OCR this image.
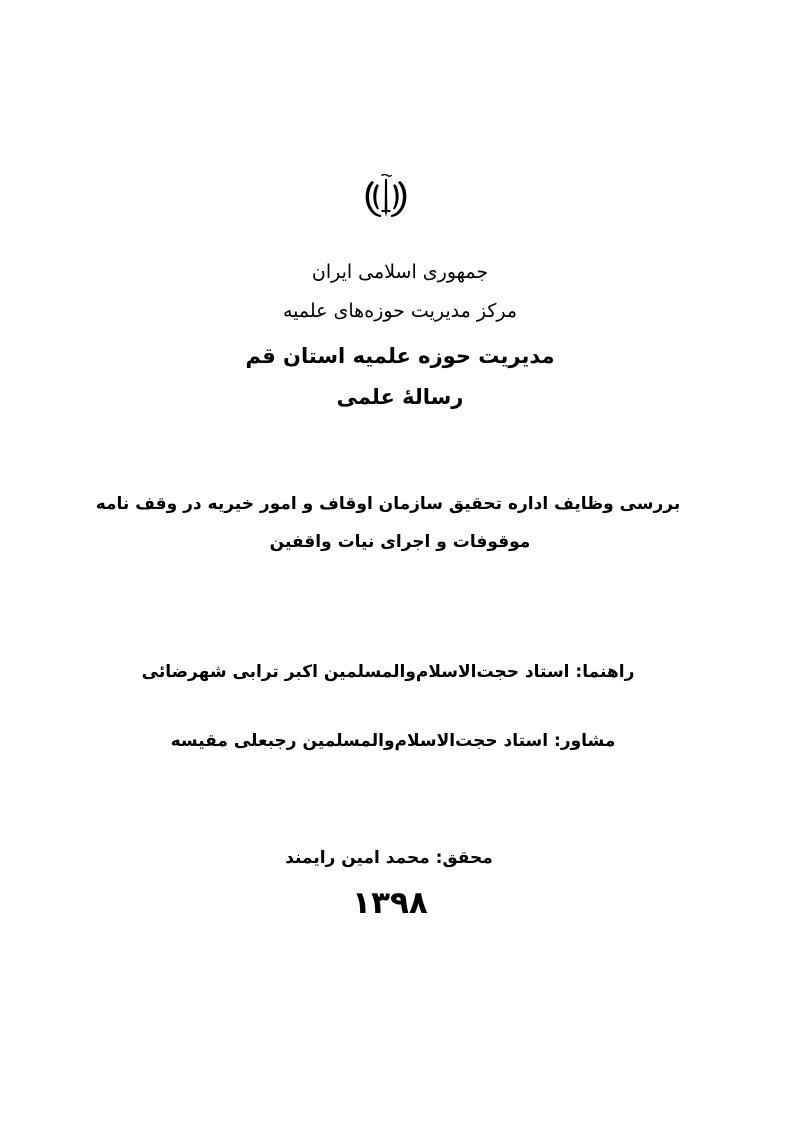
جمهوری اسلامی ایران
مرکز مدیریت حوزه‌های علمیه
مدیریت حوزه علمیه استان قم
رسالهٔ علمی
بررسی وظایف اداره تحقیق سازمان اوقاف و امور خیریه در وقف نامه
موقوفات و اجرای نیات واقفین
راهنما: استاد حجت‌الاسلام‌والمسلمین اکبر ترابی شهرضائی
مشاور: استاد حجت‌الاسلام‌والمسلمین رجبعلی مقیسه
محقق: محمد امین رایمند
۱۳۹۸
